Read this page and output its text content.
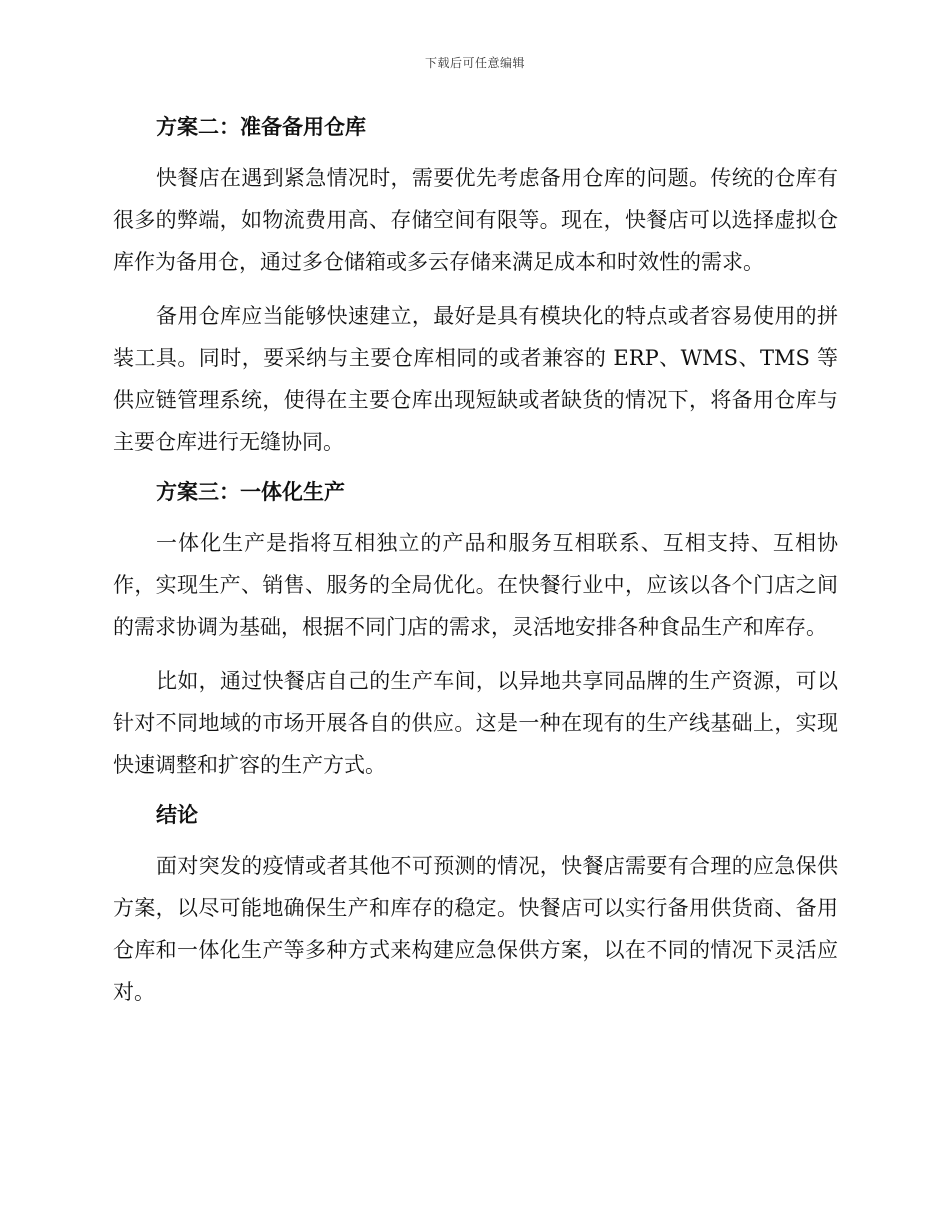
下载后可任意编辑
方案二：准备备用仓库

快餐店在遇到紧急情况时，需要优先考虑备用仓库的问题。传统的仓库有很多的弊端，如物流费用高、存储空间有限等。现在，快餐店可以选择虚拟仓库作为备用仓，通过多仓储箱或多云存储来满足成本和时效性的需求。

备用仓库应当能够快速建立，最好是具有模块化的特点或者容易使用的拼装工具。同时，要采纳与主要仓库相同的或者兼容的 ERP、WMS、TMS 等供应链管理系统，使得在主要仓库出现短缺或者缺货的情况下，将备用仓库与主要仓库进行无缝协同。

方案三：一体化生产

一体化生产是指将互相独立的产品和服务互相联系、互相支持、互相协作，实现生产、销售、服务的全局优化。在快餐行业中，应该以各个门店之间的需求协调为基础，根据不同门店的需求，灵活地安排各种食品生产和库存。

比如，通过快餐店自己的生产车间，以异地共享同品牌的生产资源，可以针对不同地域的市场开展各自的供应。这是一种在现有的生产线基础上，实现快速调整和扩容的生产方式。

结论

面对突发的疫情或者其他不可预测的情况，快餐店需要有合理的应急保供方案，以尽可能地确保生产和库存的稳定。快餐店可以实行备用供货商、备用仓库和一体化生产等多种方式来构建应急保供方案，以在不同的情况下灵活应对。
